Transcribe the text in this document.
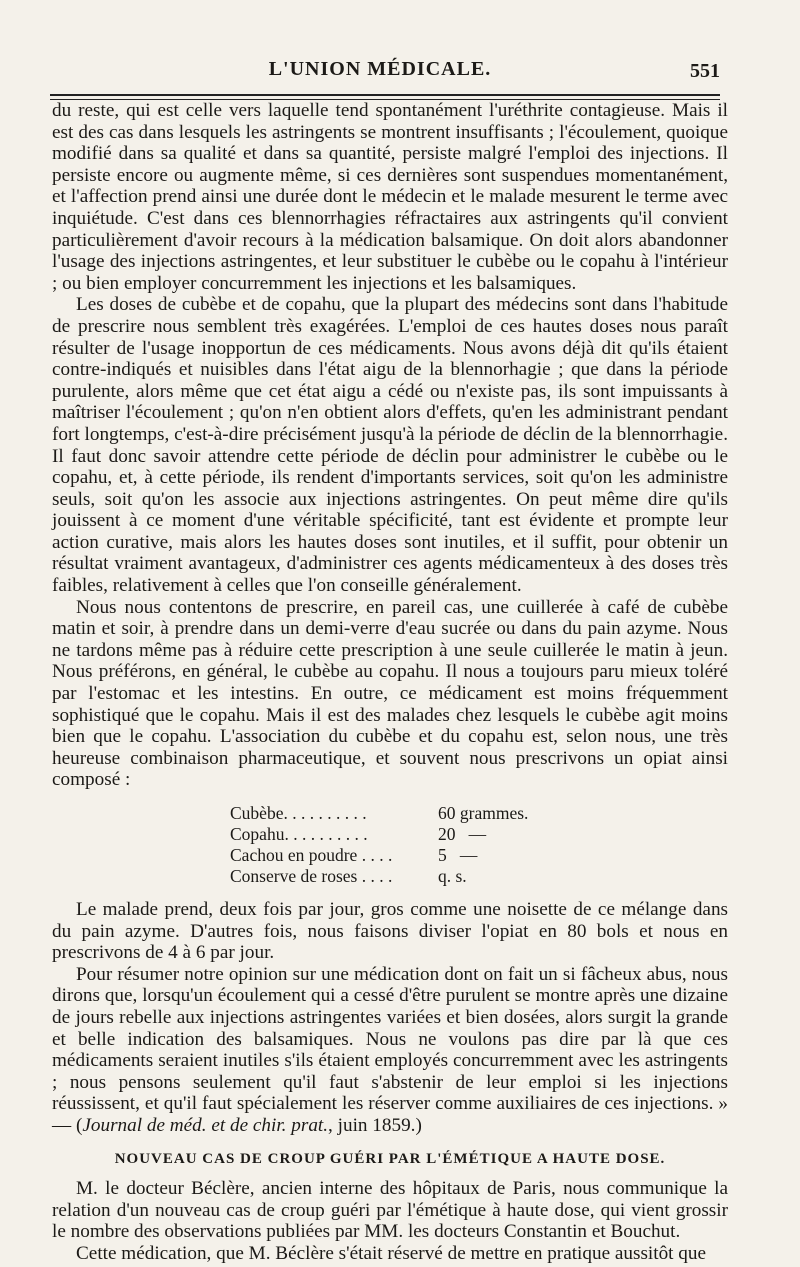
L'UNION MÉDICALE.	551

du reste, qui est celle vers laquelle tend spontanément l'uréthrite contagieuse. Mais il est des cas dans lesquels les astringents se montrent insuffisants ; l'écoulement, quoique modifié dans sa qualité et dans sa quantité, persiste malgré l'emploi des injections. Il persiste encore ou augmente même, si ces dernières sont suspendues momentanément, et l'affection prend ainsi une durée dont le médecin et le malade mesurent le terme avec inquiétude. C'est dans ces blennorrhagies réfractaires aux astringents qu'il convient particulièrement d'avoir recours à la médication balsamique. On doit alors abandonner l'usage des injections astringentes, et leur substituer le cubèbe ou le copahu à l'intérieur ; ou bien employer concurremment les injections et les balsamiques.

Les doses de cubèbe et de copahu, que la plupart des médecins sont dans l'habitude de prescrire nous semblent très exagérées. L'emploi de ces hautes doses nous paraît résulter de l'usage inopportun de ces médicaments. Nous avons déjà dit qu'ils étaient contre-indiqués et nuisibles dans l'état aigu de la blennorhagie ; que dans la période purulente, alors même que cet état aigu a cédé ou n'existe pas, ils sont impuissants à maîtriser l'écoulement ; qu'on n'en obtient alors d'effets, qu'en les administrant pendant fort longtemps, c'est-à-dire précisément jusqu'à la période de déclin de la blennorrhagie. Il faut donc savoir attendre cette période de déclin pour administrer le cubèbe ou le copahu, et, à cette période, ils rendent d'importants services, soit qu'on les administre seuls, soit qu'on les associe aux injections astringentes. On peut même dire qu'ils jouissent à ce moment d'une véritable spécificité, tant est évidente et prompte leur action curative, mais alors les hautes doses sont inutiles, et il suffit, pour obtenir un résultat vraiment avantageux, d'administrer ces agents médicamenteux à des doses très faibles, relativement à celles que l'on conseille généralement.

Nous nous contentons de prescrire, en pareil cas, une cuillerée à café de cubèbe matin et soir, à prendre dans un demi-verre d'eau sucrée ou dans du pain azyme. Nous ne tardons même pas à réduire cette prescription à une seule cuillerée le matin à jeun. Nous préférons, en général, le cubèbe au copahu. Il nous a toujours paru mieux toléré par l'estomac et les intestins. En outre, ce médicament est moins fréquemment sophistiqué que le copahu. Mais il est des malades chez lesquels le cubèbe agit moins bien que le copahu. L'association du cubèbe et du copahu est, selon nous, une très heureuse combinaison pharmaceutique, et souvent nous prescrivons un opiat ainsi composé :

Cubèbe. . . . . . . . . .	60 grammes.
Copahu. . . . . . . . . .	20   —
Cachou en poudre . . . .	5   —
Conserve de roses . . . .	q. s.

Le malade prend, deux fois par jour, gros comme une noisette de ce mélange dans du pain azyme. D'autres fois, nous faisons diviser l'opiat en 80 bols et nous en prescrivons de 4 à 6 par jour.

Pour résumer notre opinion sur une médication dont on fait un si fâcheux abus, nous dirons que, lorsqu'un écoulement qui a cessé d'être purulent se montre après une dizaine de jours rebelle aux injections astringentes variées et bien dosées, alors surgit la grande et belle indication des balsamiques. Nous ne voulons pas dire par là que ces médicaments seraient inutiles s'ils étaient employés concurremment avec les astringents ; nous pensons seulement qu'il faut s'abstenir de leur emploi si les injections réussissent, et qu'il faut spécialement les réserver comme auxiliaires de ces injections. » — (Journal de méd. et de chir. prat., juin 1859.)

NOUVEAU CAS DE CROUP GUÉRI PAR L'ÉMÉTIQUE A HAUTE DOSE.

M. le docteur Béclère, ancien interne des hôpitaux de Paris, nous communique la relation d'un nouveau cas de croup guéri par l'émétique à haute dose, qui vient grossir le nombre des observations publiées par MM. les docteurs Constantin et Bouchut.

Cette médication, que M. Béclère s'était réservé de mettre en pratique aussitôt que
